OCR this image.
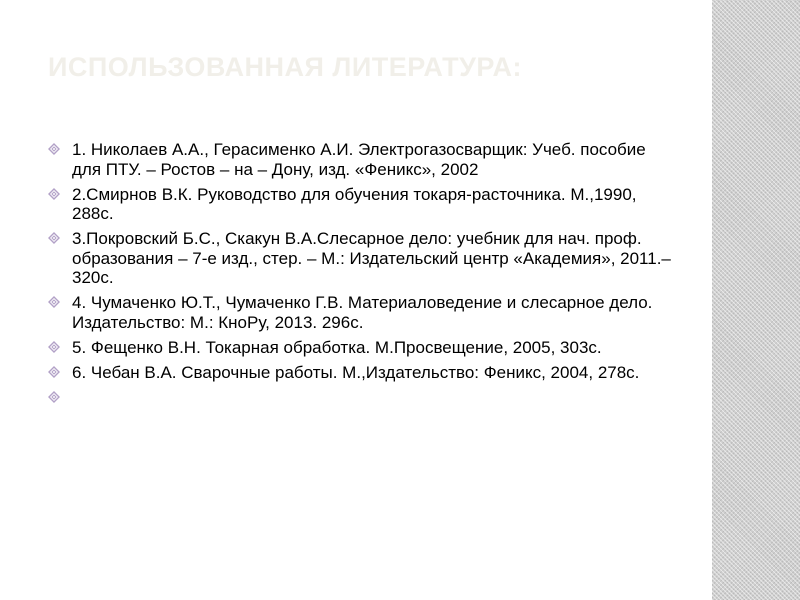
ИСПОЛЬЗОВАННАЯ ЛИТЕРАТУРА:
1. Николаев А.А., Герасименко А.И. Электрогазосварщик: Учеб. пособие для ПТУ. – Ростов – на – Дону, изд. «Феникс», 2002
2.Смирнов В.К. Руководство для обучения токаря-расточника. М.,1990, 288с.
3.Покровский Б.С., Скакун В.А.Слесарное дело: учебник для нач. проф. образования – 7-е изд., стер. – М.: Издательский центр «Академия», 2011.– 320с.
4. Чумаченко Ю.Т., Чумаченко Г.В. Материаловедение и слесарное дело. Издательство: М.: КноРу, 2013. 296с.
5. Фещенко В.Н. Токарная обработка. М.Просвещение, 2005, 303с.
6. Чебан В.А. Сварочные работы. М.,Издательство: Феникс, 2004, 278с.
